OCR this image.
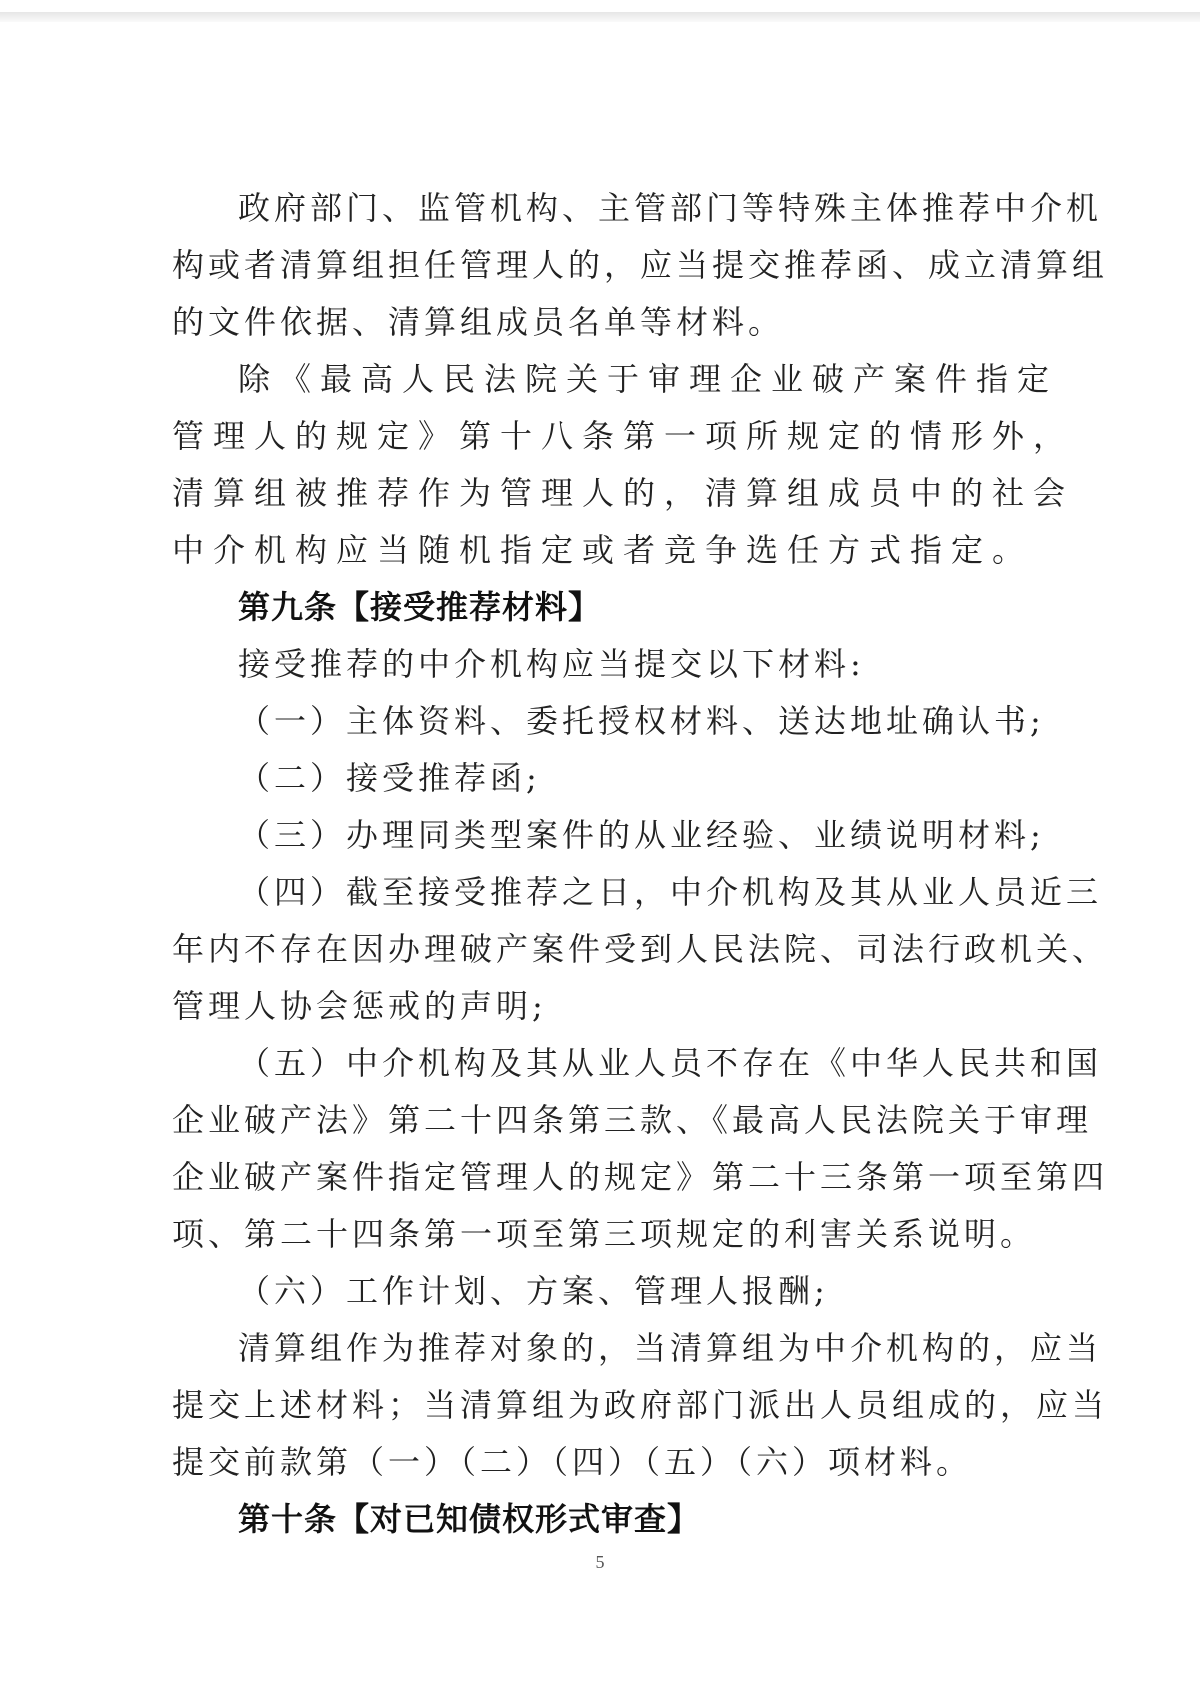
政府部门、监管机构、主管部门等特殊主体推荐中介机
构或者清算组担任管理人的，应当提交推荐函、成立清算组
的文件依据、清算组成员名单等材料。

除《最高人民法院关于审理企业破产案件指定
管理人的规定》第十八条第一项所规定的情形外，
清算组被推荐作为管理人的，清算组成员中的社会
中介机构应当随机指定或者竞争选任方式指定。

第九条【接受推荐材料】

接受推荐的中介机构应当提交以下材料:

（一）主体资料、委托授权材料、送达地址确认书;

（二）接受推荐函;

（三）办理同类型案件的从业经验、业绩说明材料;

（四）截至接受推荐之日，中介机构及其从业人员近三
年内不存在因办理破产案件受到人民法院、司法行政机关、
管理人协会惩戒的声明;

（五）中介机构及其从业人员不存在《中华人民共和国
企业破产法》第二十四条第三款、《最高人民法院关于审理
企业破产案件指定管理人的规定》第二十三条第一项至第四
项、第二十四条第一项至第三项规定的利害关系说明。

（六）工作计划、方案、管理人报酬;

清算组作为推荐对象的，当清算组为中介机构的，应当
提交上述材料；当清算组为政府部门派出人员组成的，应当
提交前款第（一）（二）（四）（五）（六）项材料。

第十条【对已知债权形式审查】
5
